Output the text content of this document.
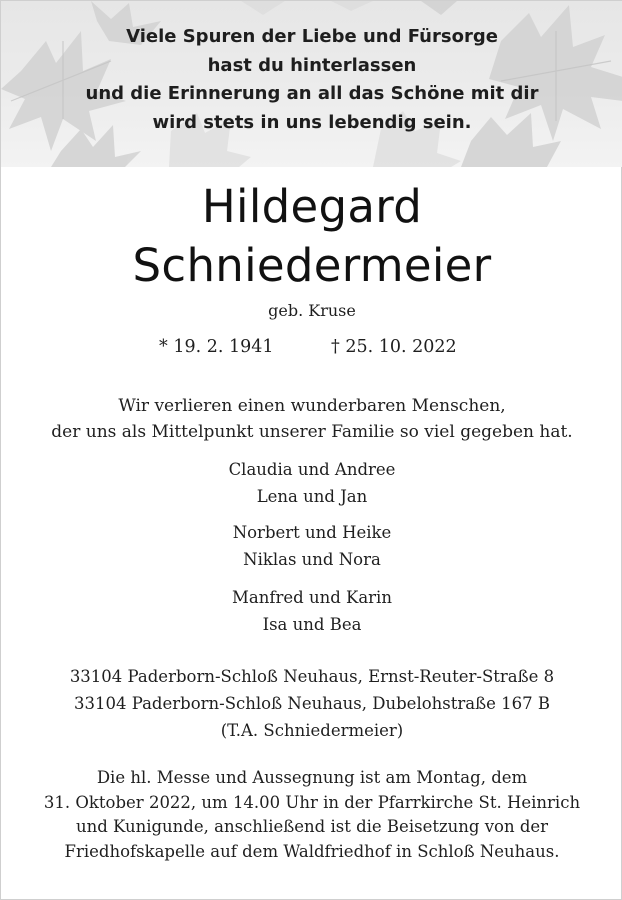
Viele Spuren der Liebe und Fürsorge
hast du hinterlassen
und die Erinnerung an all das Schöne mit dir
wird stets in uns lebendig sein.

Hildegard
Schniedermeier

geb. Kruse

* 19. 2. 1941	† 25. 10. 2022
Wir verlieren einen wunderbaren Menschen,
der uns als Mittelpunkt unserer Familie so viel gegeben hat.
Claudia und Andree
Lena und Jan
Norbert und Heike
Niklas und Nora
Manfred und Karin
Isa und Bea
33104 Paderborn-Schloß Neuhaus, Ernst-Reuter-Straße 8
33104 Paderborn-Schloß Neuhaus, Dubelohstraße 167 B
(T.A. Schniedermeier)
Die hl. Messe und Aussegnung ist am Montag, dem
31. Oktober 2022, um 14.00 Uhr in der Pfarrkirche St. Heinrich
und Kunigunde, anschließend ist die Beisetzung von der
Friedhofskapelle auf dem Waldfriedhof in Schloß Neuhaus.
